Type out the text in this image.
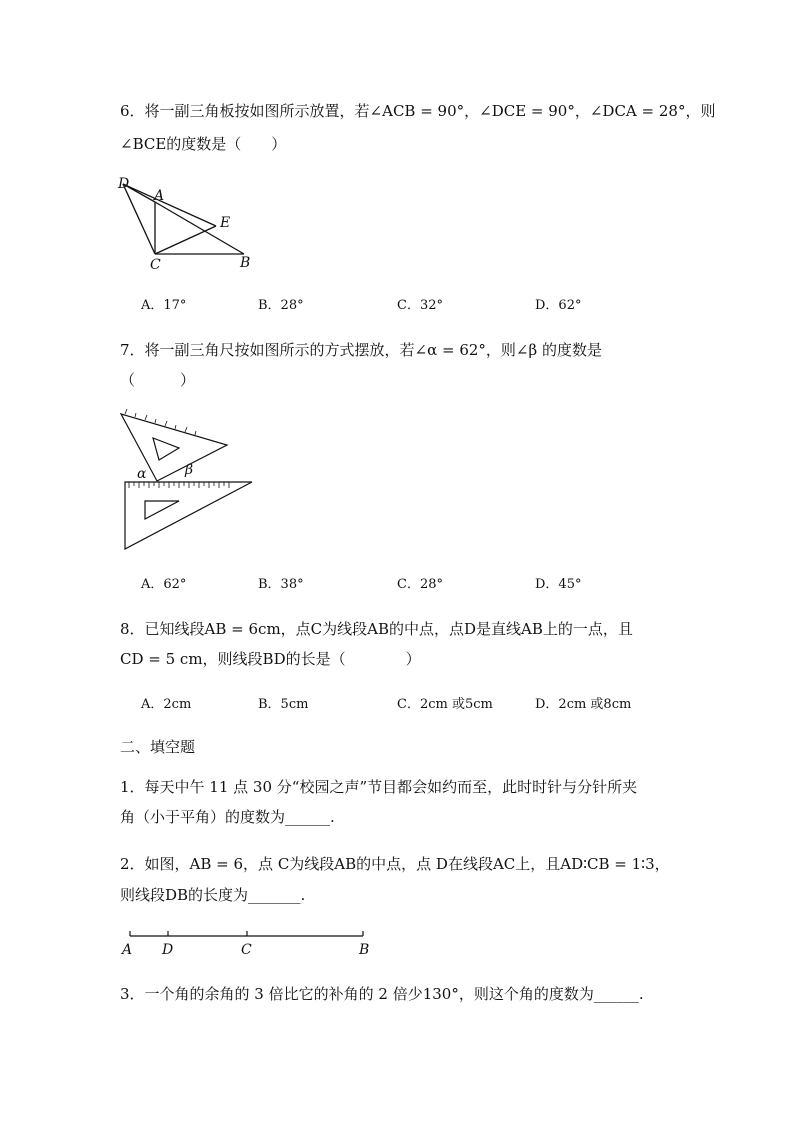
6．将一副三角板按如图所示放置，若∠ACB = 90°，∠DCE = 90°，∠DCA = 28°，则
∠BCE的度数是（　　）
D
A
E
C	B
A．17°	B．28°	C．32°	D．62°
7．将一副三角尺按如图所示的方式摆放，若∠α = 62°，则∠β 的度数是
（　　　）
α	β
A．62°	B．38°	C．28°	D．45°
8．已知线段AB = 6cm，点C为线段AB的中点，点D是直线AB上的一点，且
CD = 5 cm，则线段BD的长是（　　　　）
A．2cm	B．5cm	C．2cm 或5cm	D．2cm 或8cm
二、填空题
1．每天中午 11 点 30 分“校园之声”节目都会如约而至，此时时针与分针所夹
角（小于平角）的度数为______.
2．如图，AB = 6，点 C为线段AB的中点，点 D在线段AC上，且AD∶CB = 1∶3，
则线段DB的长度为_______.
A D	C	B
3．一个角的余角的 3 倍比它的补角的 2 倍少130°，则这个角的度数为______.
